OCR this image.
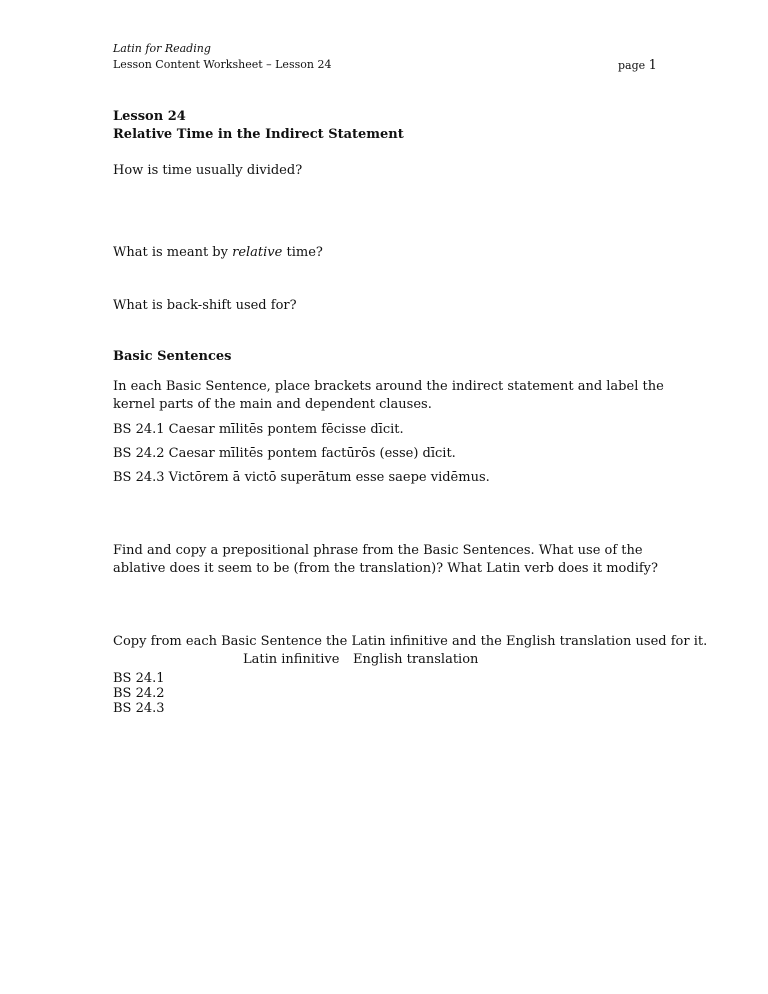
Latin for Reading
Lesson Content Worksheet – Lesson 24	page 1
Lesson 24
Relative Time in the Indirect Statement
How is time usually divided?
What is meant by relative time?
What is back-shift used for?
Basic Sentences
In each Basic Sentence, place brackets around the indirect statement and label the kernel parts of the main and dependent clauses.
BS 24.1 Caesar mīlitēs pontem fēcisse dīcit.
BS 24.2 Caesar mīlitēs pontem factūrōs (esse) dīcit.
BS 24.3 Victōrem ā victō superātum esse saepe vidēmus.
Find and copy a prepositional phrase from the Basic Sentences. What use of the ablative does it seem to be (from the translation)? What Latin verb does it modify?
Copy from each Basic Sentence the Latin infinitive and the English translation used for it.
Latin infinitive English translation
BS 24.1
BS 24.2
BS 24.3
